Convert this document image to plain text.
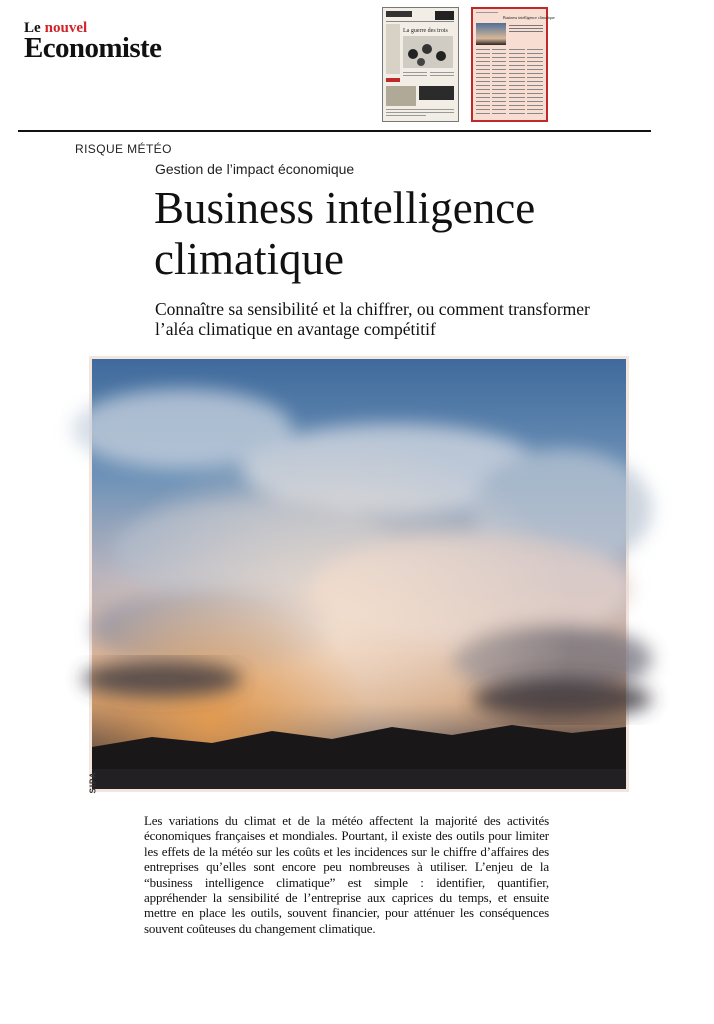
Le nouvel
Economiste
La guerre des trois
Business intelligence climatique
RISQUE MÉTÉO
Gestion de l’impact économique
Business intelligence
climatique

Connaître sa sensibilité et la chiffrer, ou comment transformer l’aléa climatique en avantage compétitif

SIPA

Les variations du climat et de la météo affectent la majorité des activités économiques françaises et mondiales. Pourtant, il existe des outils pour limiter les effets de la météo sur les coûts et les incidences sur le chiffre d’affaires des entreprises qu’elles sont encore peu nombreuses à utiliser. L’enjeu de la “business intelligence climatique” est simple : identifier, quantifier, appréhender la sensibilité de l’entreprise aux caprices du temps, et ensuite mettre en place les outils, souvent financier, pour atténuer les conséquences souvent coûteuses du changement climatique.
